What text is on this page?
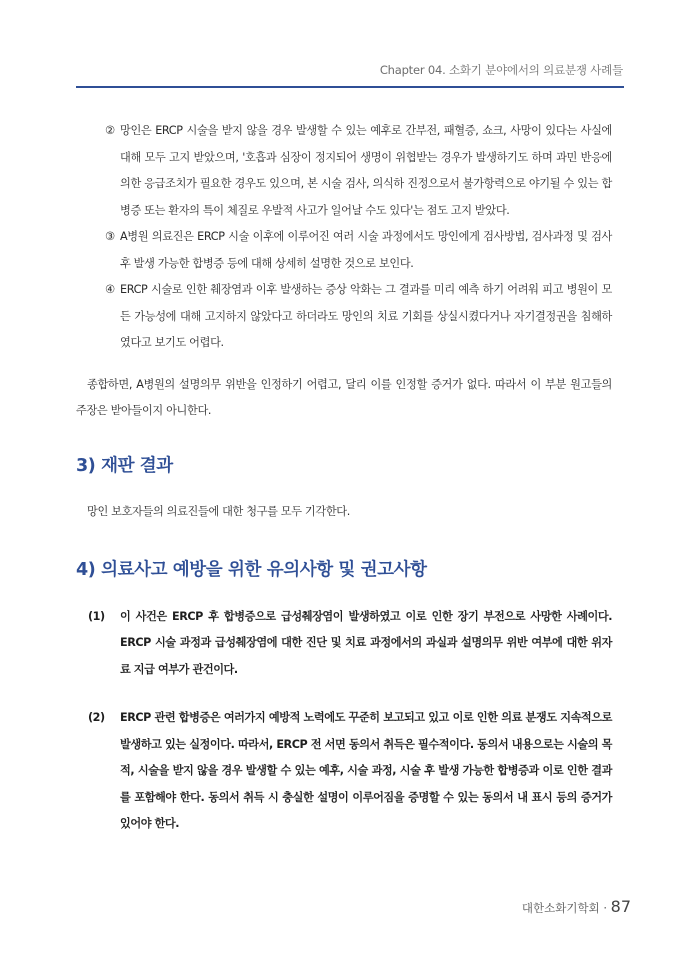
Chapter 04. 소화기 분야에서의 의료분쟁 사례들
② 망인은 ERCP 시술을 받지 않을 경우 발생할 수 있는 예후로 간부전, 패혈증, 쇼크, 사망이 있다는 사실에 대해 모두 고지 받았으며, '호흡과 심장이 정지되어 생명이 위협받는 경우가 발생하기도 하며 과민 반응에 의한 응급조치가 필요한 경우도 있으며, 본 시술 검사, 의식하 진정으로서 불가항력으로 야기될 수 있는 합병증 또는 환자의 특이 체질로 우발적 사고가 일어날 수도 있다'는 점도 고지 받았다.
③ A병원 의료진은 ERCP 시술 이후에 이루어진 여러 시술 과정에서도 망인에게 검사방법, 검사과정 및 검사 후 발생 가능한 합병증 등에 대해 상세히 설명한 것으로 보인다.
④ ERCP 시술로 인한 췌장염과 이후 발생하는 증상 악화는 그 결과를 미리 예측 하기 어려워 피고 병원이 모든 가능성에 대해 고지하지 않았다고 하더라도 망인의 치료 기회를 상실시켰다거나 자기결정권을 침해하였다고 보기도 어렵다.
종합하면, A병원의 설명의무 위반을 인정하기 어렵고, 달리 이를 인정할 증거가 없다. 따라서 이 부분 원고들의 주장은 받아들이지 아니한다.
3) 재판 결과
망인 보호자들의 의료진들에 대한 청구를 모두 기각한다.
4) 의료사고 예방을 위한 유의사항 및 권고사항
(1) 이 사건은 ERCP 후 합병증으로 급성췌장염이 발생하였고 이로 인한 장기 부전으로 사망한 사례이다. ERCP 시술 과정과 급성췌장염에 대한 진단 및 치료 과정에서의 과실과 설명의무 위반 여부에 대한 위자료 지급 여부가 관건이다.
(2) ERCP 관련 합병증은 여러가지 예방적 노력에도 꾸준히 보고되고 있고 이로 인한 의료 분쟁도 지속적으로 발생하고 있는 실정이다. 따라서, ERCP 전 서면 동의서 취득은 필수적이다. 동의서 내용으로는 시술의 목적, 시술을 받지 않을 경우 발생할 수 있는 예후, 시술 과정, 시술 후 발생 가능한 합병증과 이로 인한 결과를 포함해야 한다. 동의서 취득 시 충실한 설명이 이루어짐을 증명할 수 있는 동의서 내 표시 등의 증거가 있어야 한다.
대한소화기학회 · 87
